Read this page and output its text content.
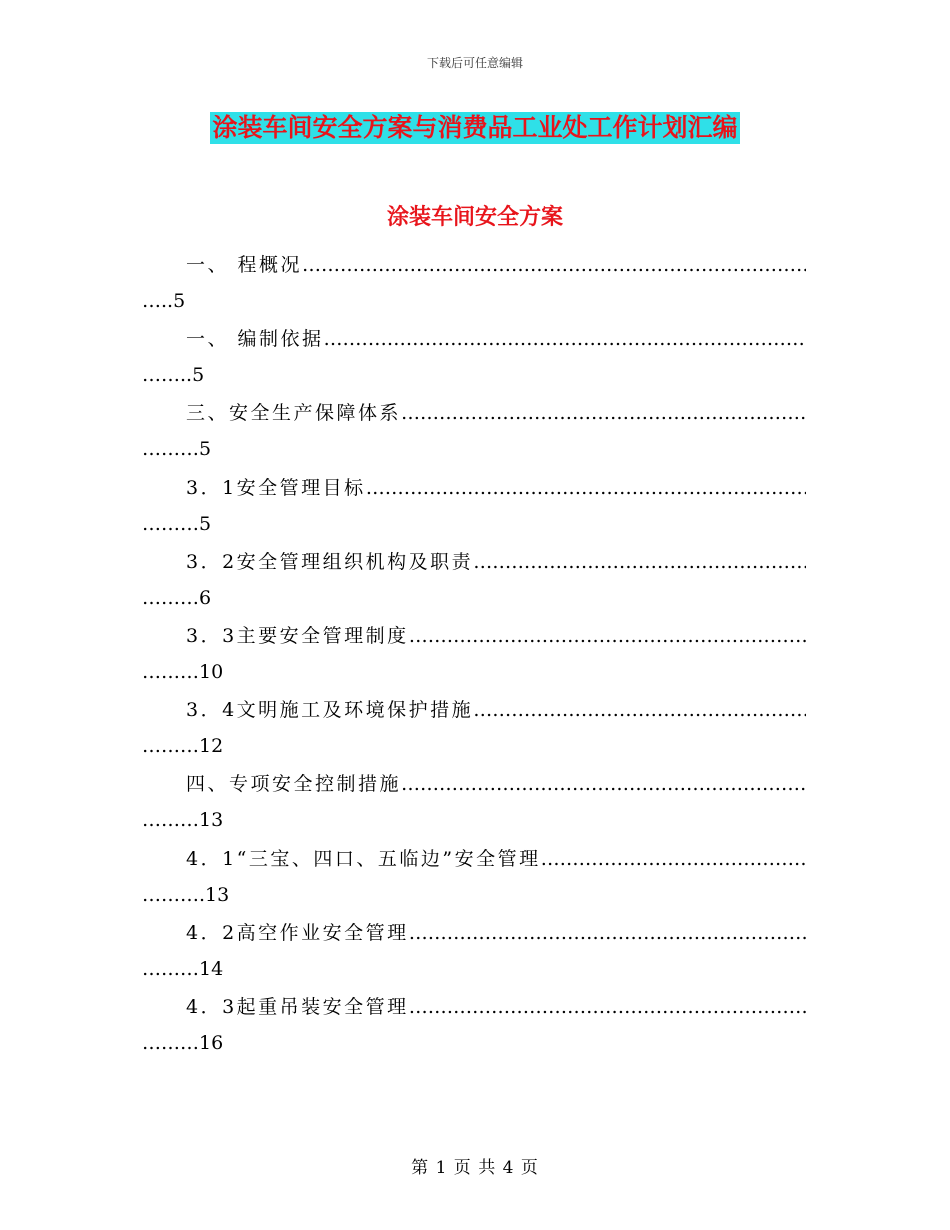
下载后可任意编辑
涂装车间安全方案与消费品工业处工作计划汇编
涂装车间安全方案
一、 程概况 ……………………………………………………………………………………………………………
…..5
一、 编制依据 ……………………………………………………………………………………………………………
……..5
三、安全生产保障体系 ……………………………………………………………………………………………………………
………5
3．1安全管理目标 ……………………………………………………………………………………………………………
………5
3．2安全管理组织机构及职责 ……………………………………………………………………………………………………………
………6
3．3主要安全管理制度 ……………………………………………………………………………………………………………
………10
3．4文明施工及环境保护措施 ……………………………………………………………………………………………………………
………12
四、专项安全控制措施 ……………………………………………………………………………………………………………
………13
4．1“三宝、四口、五临边”安全管理 ……………………………………………………………………………………………………………
……….13
4．2高空作业安全管理 ……………………………………………………………………………………………………………
………14
4．3起重吊装安全管理 ……………………………………………………………………………………………………………
………16
第 1 页 共 4 页
